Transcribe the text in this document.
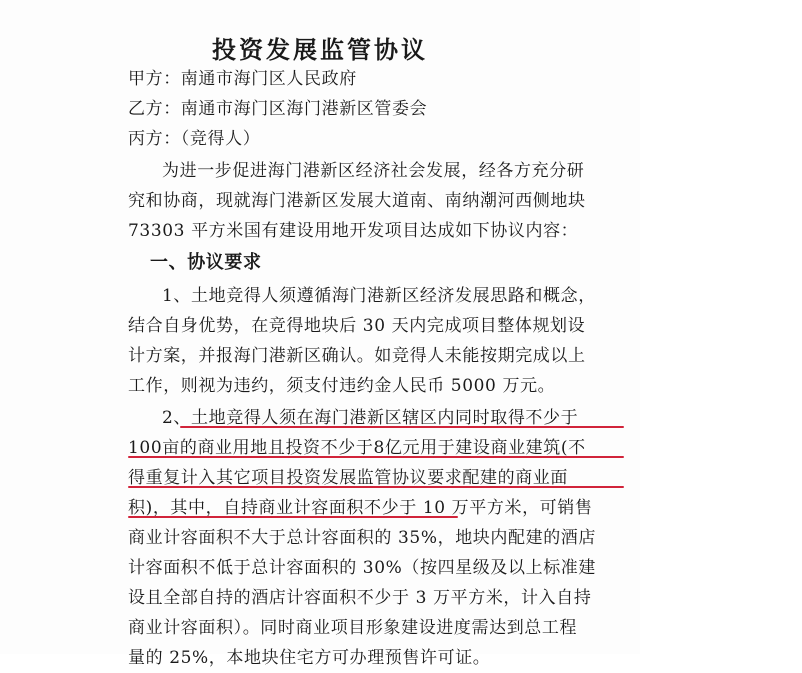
投资发展监管协议
甲方：南通市海门区人民政府
乙方：南通市海门区海门港新区管委会
丙方：（竞得人）
为进一步促进海门港新区经济社会发展，经各方充分研
究和协商，现就海门港新区发展大道南、南纳潮河西侧地块
73303 平方米国有建设用地开发项目达成如下协议内容：
一、协议要求
1、土地竞得人须遵循海门港新区经济发展思路和概念，
结合自身优势，在竞得地块后 30 天内完成项目整体规划设
计方案，并报海门港新区确认。如竞得人未能按期完成以上
工作，则视为违约，须支付违约金人民币 5000 万元。
2、土地竞得人须在海门港新区辖区内同时取得不少于
100亩的商业用地且投资不少于8亿元用于建设商业建筑(不
得重复计入其它项目投资发展监管协议要求配建的商业面
积)，其中，自持商业计容面积不少于 10 万平方米，可销售
商业计容面积不大于总计容面积的 35%，地块内配建的酒店
计容面积不低于总计容面积的 30%（按四星级及以上标准建
设且全部自持的酒店计容面积不少于 3 万平方米，计入自持
商业计容面积）。同时商业项目形象建设进度需达到总工程
量的 25%，本地块住宅方可办理预售许可证。
